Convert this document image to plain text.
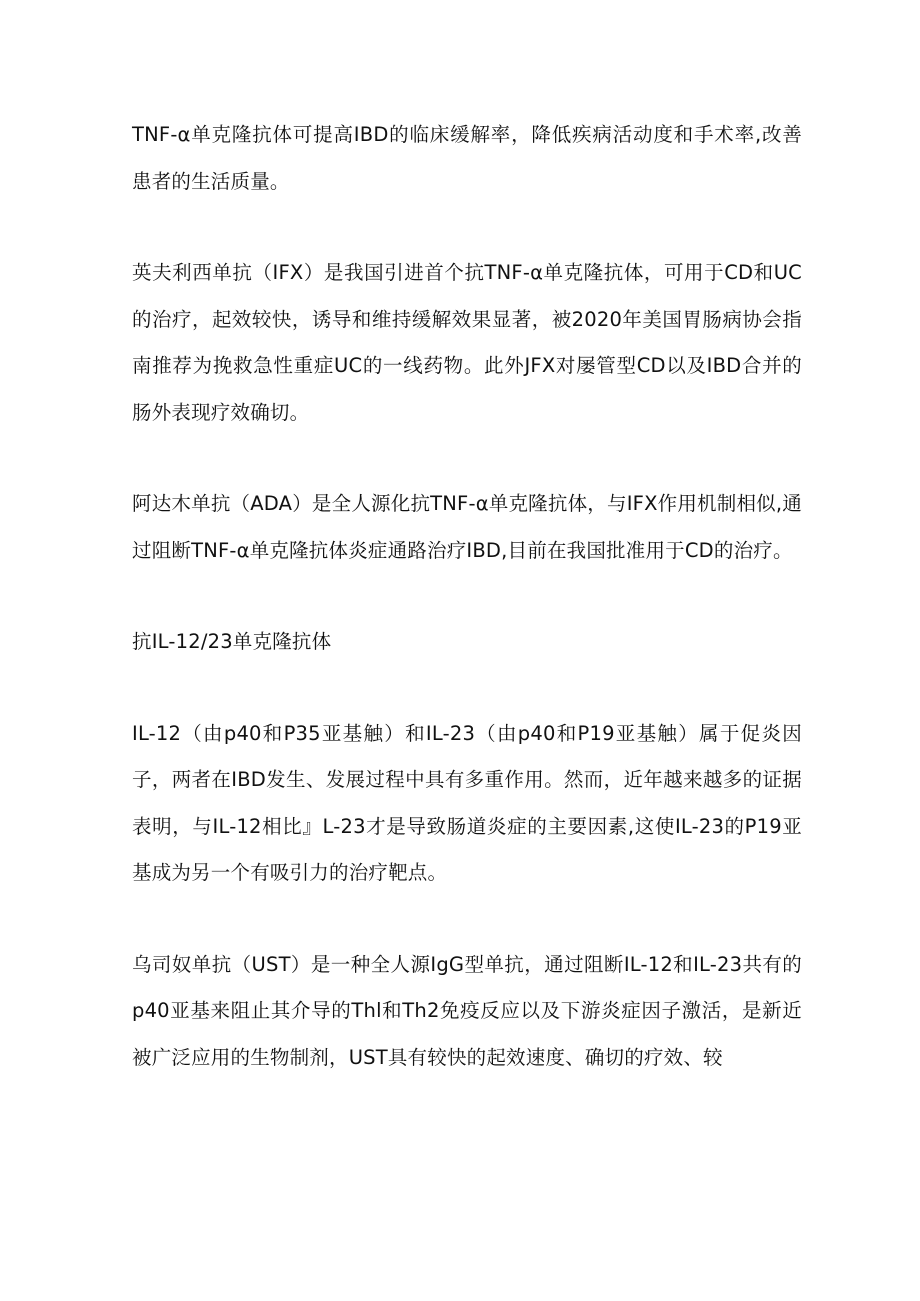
TNF-α单克隆抗体可提高IBD的临床缓解率，降低疾病活动度和手术率,改善患者的生活质量。

英夫利西单抗（IFX）是我国引进首个抗TNF-α单克隆抗体，可用于CD和UC的治疗，起效较快，诱导和维持缓解效果显著，被2020年美国胃肠病协会指南推荐为挽救急性重症UC的一线药物。此外JFX对屡管型CD以及IBD合并的肠外表现疗效确切。

阿达木单抗（ADA）是全人源化抗TNF-α单克隆抗体，与IFX作用机制相似,通过阻断TNF-α单克隆抗体炎症通路治疗IBD,目前在我国批准用于CD的治疗。

抗IL-12/23单克隆抗体

IL-12（由p40和P35亚基触）和IL-23（由p40和P19亚基触）属于促炎因子，两者在IBD发生、发展过程中具有多重作用。然而，近年越来越多的证据表明，与IL-12相比』L-23才是导致肠道炎症的主要因素,这使IL-23的P19亚基成为另一个有吸引力的治疗靶点。

乌司奴单抗（UST）是一种全人源IgG型单抗，通过阻断IL-12和IL-23共有的p40亚基来阻止其介导的Thl和Th2免疫反应以及下游炎症因子激活，是新近被广泛应用的生物制剂，UST具有较快的起效速度、确切的疗效、较
